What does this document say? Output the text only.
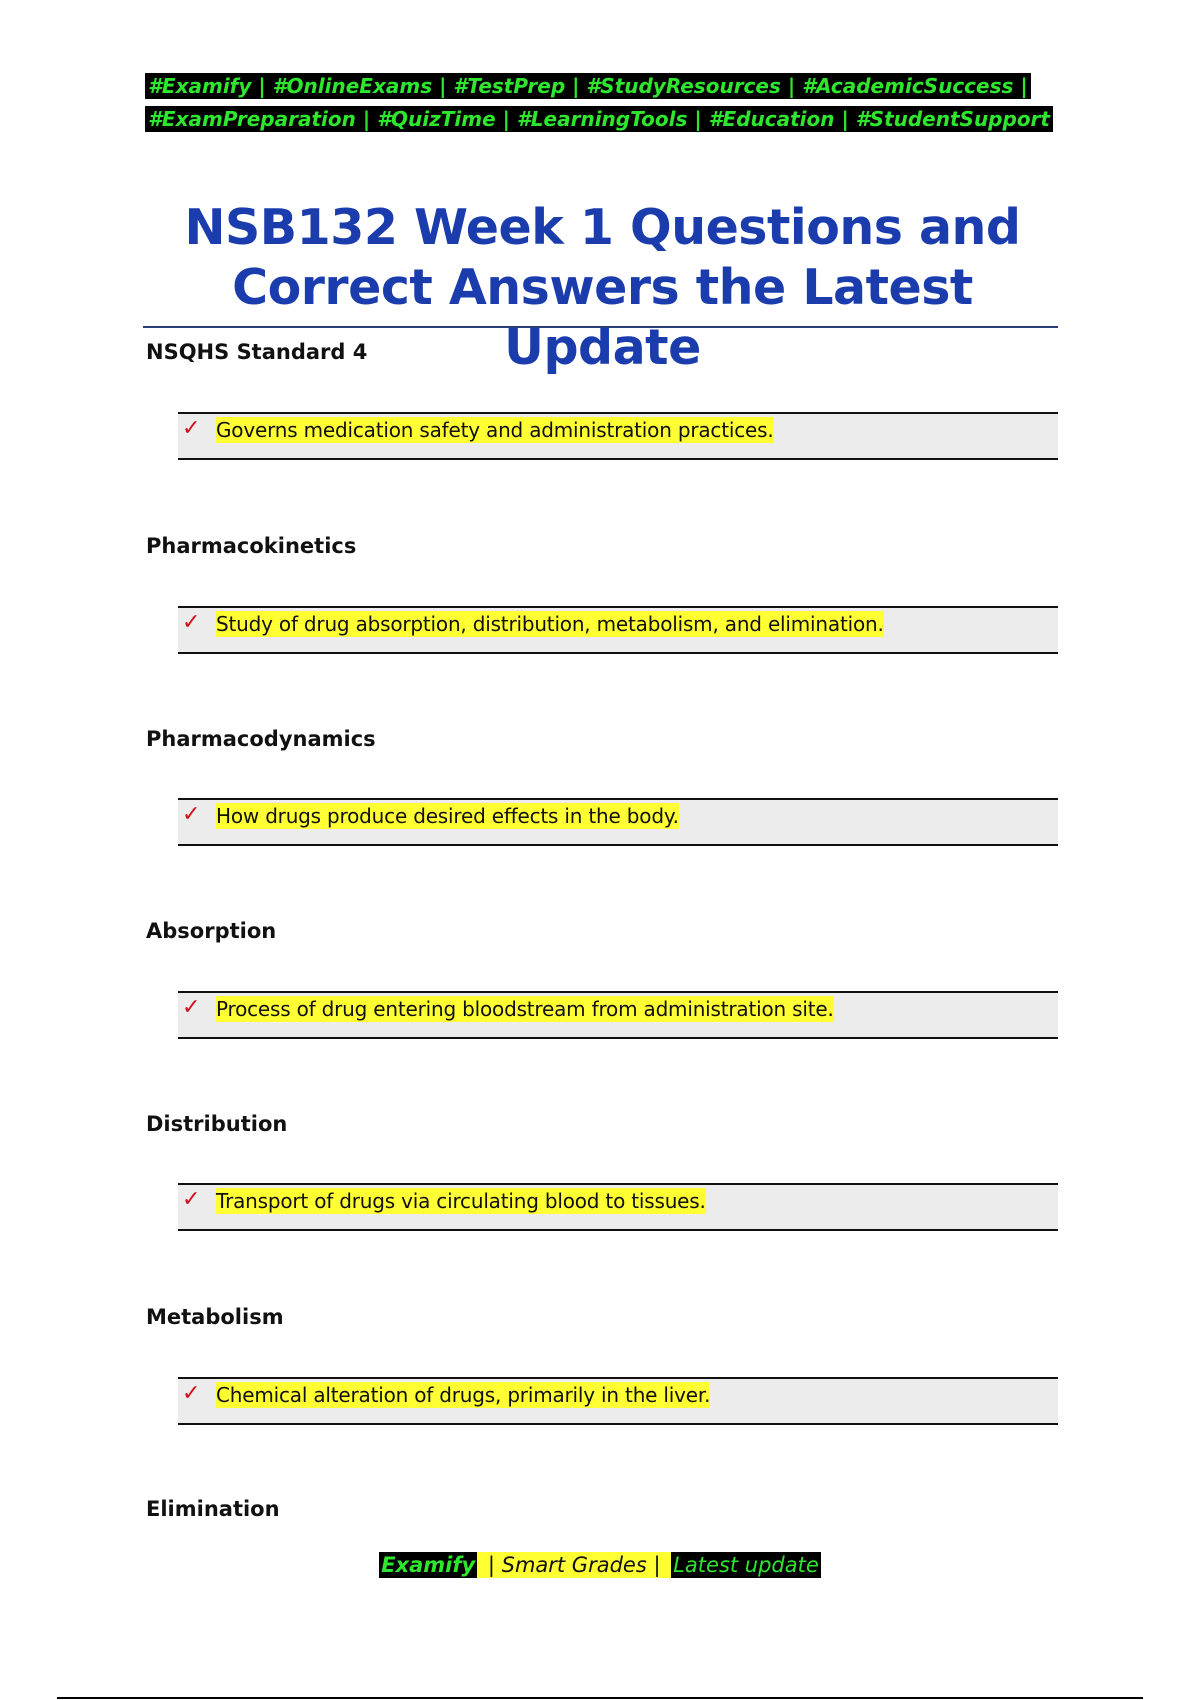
#Examify | #OnlineExams | #TestPrep | #StudyResources | #AcademicSuccess |
#ExamPreparation | #QuizTime | #LearningTools | #Education | #StudentSupport
NSB132 Week 1 Questions and
Correct Answers the Latest Update
NSQHS Standard 4
✓ Governs medication safety and administration practices.
Pharmacokinetics
✓ Study of drug absorption, distribution, metabolism, and elimination.
Pharmacodynamics
✓ How drugs produce desired effects in the body.
Absorption
✓ Process of drug entering bloodstream from administration site.
Distribution
✓ Transport of drugs via circulating blood to tissues.
Metabolism
✓ Chemical alteration of drugs, primarily in the liver.
Elimination
Examify | Smart Grades | Latest update
